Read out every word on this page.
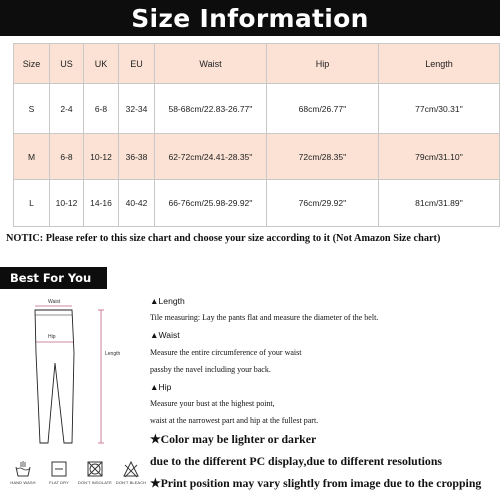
Size Information
Size	US	UK	EU	Waist	Hip	Length
S	2-4	6-8	32-34	58-68cm/22.83-26.77''	68cm/26.77''	77cm/30.31''
M	6-8	10-12	36-38	62-72cm/24.41-28.35''	72cm/28.35''	79cm/31.10''
L	10-12	14-16	40-42	66-76cm/25.98-29.92''	76cm/29.92''	81cm/31.89''
NOTIC: Please refer to this size chart and choose your size according to it (Not Amazon Size chart)
Best For You
Waist
Hip
Length
HAND WASH	FLAT DRY	DON'T INSOLATE DON'T BLEACH
▲Length
Tile measuring: Lay the pants flat and measure the diameter of the belt.
▲Waist
Measure the entire circumference of your waist
passby the navel including your back.
▲Hip
Measure your bust at the highest point,
waist at the narrowest part and hip at the fullest part.
★Color may be lighter or darker
due to the different PC display,due to different resolutions
★Print position may vary slightly from image due to the cropping
